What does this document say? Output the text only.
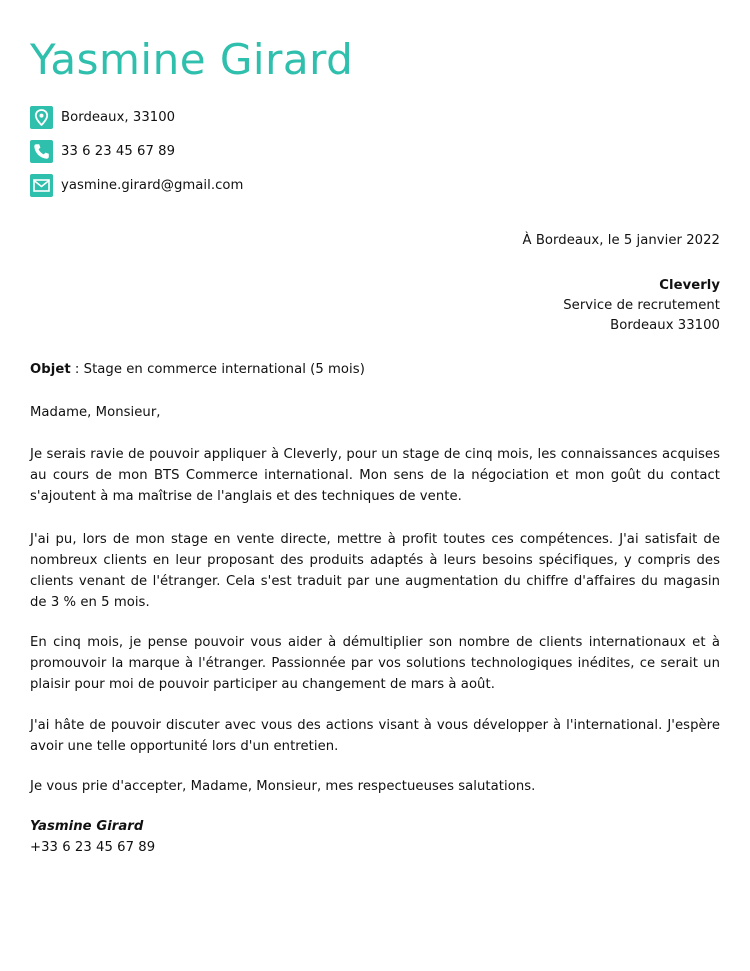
Yasmine Girard
Bordeaux, 33100
33 6 23 45 67 89
yasmine.girard@gmail.com
À Bordeaux, le 5 janvier 2022
Cleverly
Service de recrutement
Bordeaux 33100
Objet : Stage en commerce international (5 mois)
Madame, Monsieur,
Je serais ravie de pouvoir appliquer à Cleverly, pour un stage de cinq mois, les connaissances acquises au cours de mon BTS Commerce international. Mon sens de la négociation et mon goût du contact s'ajoutent à ma maîtrise de l'anglais et des techniques de vente.
J'ai pu, lors de mon stage en vente directe, mettre à profit toutes ces compétences. J'ai satisfait de nombreux clients en leur proposant des produits adaptés à leurs besoins spécifiques, y compris des clients venant de l'étranger. Cela s'est traduit par une augmentation du chiffre d'affaires du magasin de 3 % en 5 mois.
En cinq mois, je pense pouvoir vous aider à démultiplier son nombre de clients internationaux et à promouvoir la marque à l'étranger. Passionnée par vos solutions technologiques inédites, ce serait un plaisir pour moi de pouvoir participer au changement de mars à août.
J'ai hâte de pouvoir discuter avec vous des actions visant à vous développer à l'international. J'espère avoir une telle opportunité lors d'un entretien.
Je vous prie d'accepter, Madame, Monsieur, mes respectueuses salutations.
Yasmine Girard
+33 6 23 45 67 89
